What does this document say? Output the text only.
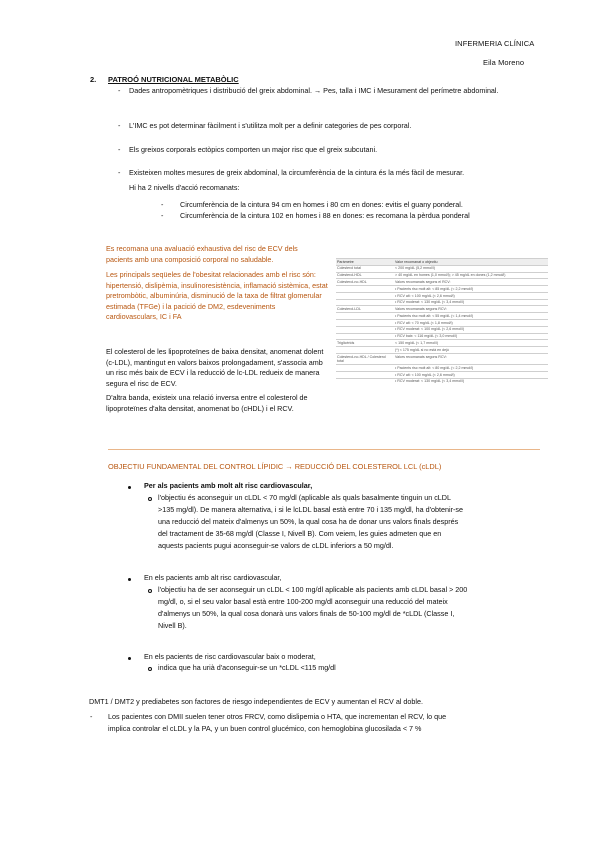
INFERMERIA CLÍNICA
Eila Moreno
2. PATROÓ NUTRICIONAL METABÒLIC
- Dades antropomètriques i distribució del greix abdominal. → Pes, talla i IMC i Mesurament del perímetre abdominal.
- L'IMC es pot determinar fàcilment i s'utilitza molt per a definir categories de pes corporal.
- Els greixos corporals ectòpics comporten un major risc que el greix subcutani.
- Existeixen moltes mesures de greix abdominal, la circumferència de la cintura és la més fàcil de mesurar.
Hi ha 2 nivells d'acció recomanats:
- Circumferència de la cintura 94 cm en homes i 80 cm en dones: evitis el guany ponderal.
- Circumferència de la cintura 102 en homes i 88 en dones: es recomana la pèrdua ponderal
Es recomana una avaluació exhaustiva del risc de ECV dels pacients amb una composició corporal no saludable.
Les principals seqüeles de l'obesitat relacionades amb el risc són: hipertensió, dislipèmia, insulinoresistència, inflamació sistèmica, estat pretrombòtic, albuminúria, disminució de la taxa de filtrat glomerular estimada (TFGe) i la pacició de DM2, esdeveniments cardiovasculars, IC i FA
El colesterol de les lipoproteïnes de baixa densitat, anomenat dolent (c-LDL), mantingut en valors baixos prolongadament, s'associa amb un risc més baix de ECV i la reducció de lc-LDL redueix de manera segura el risc de ECV.
D'altra banda, existeix una relació inversa entre el colesterol de lipoproteïnes d'alta densitat, anomenat bo (cHDL) i el RCV.
Paràmetre	Valor recomanat o objectiu
Colesterol total	< 200 mg/dL (5,2 mmol/l)
Colesterol-HDL	> 40 mg/dL en homes (1,0 mmol/l); > 45 mg/dL en dones (1,2 mmol/l)
Colesterol-no-HDL	Valors recomanats segons el RCV:
	• Pacients risc molt alt: < 85 mg/dL (< 2,2 mmol/l)
	• RCV alt: < 100 mg/dL (< 2,6 mmol/l)
	• RCV moderat: < 130 mg/dL (< 3,4 mmol/l)
Colesterol-LDL	Valors recomanats segons RCV:
	• Pacients risc molt alt: < 55 mg/dL (< 1,4 mmol/l)
	• RCV alt: < 70 mg/dL (< 1,8 mmol/l)
	• RCV moderat: < 100 mg/dL (< 2,6 mmol/l)
	• RCV baix: < 116 mg/dL (< 3,0 mmol/l)
Triglicèrids	< 150 mg/dL (< 1,7 mmol/l)
	(*) < 175 mg/dL si no està en dejú
Colesterol-no-HDL / Colesterol total	Valors recomanats segons RCV:
	• Pacients risc molt alt: < 80 mg/dL (< 2,2 mmol/l)
	• RCV alt: < 100 mg/dL (< 2,6 mmol/l)
	• RCV moderat: < 130 mg/dL (< 3,4 mmol/l)
OBJECTIU FUNDAMENTAL DEL CONTROL LÍPIDIC → REDUCCIÓ DEL COLESTEROL LCL (cLDL)
Per als pacients amb molt alt risc cardiovascular,
l'objectiu és aconseguir un cLDL < 70 mg/dl (aplicable als quals basalmente tinguin un cLDL
>135 mg/dl). De manera alternativa, i si le lcLDL basal està entre 70 i 135 mg/dl, ha d'obtenir-se
una reducció del mateix d'almenys un 50%, la qual cosa ha de donar uns valors finals després
del tractament de 35-68 mg/dl (Classe I, Nivell B). Com veiem, les guies admeten que en
aquests pacients pugui aconseguir-se valors de cLDL inferiors a 50 mg/dl.
En els pacients amb alt risc cardiovascular,
l'objectiu ha de ser aconseguir un cLDL < 100 mg/dl aplicable als pacients amb cLDL basal > 200
mg/dl, o, si el seu valor basal està entre 100-200 mg/dl aconseguir una reducció del mateix
d'almenys un 50%, la qual cosa donarà uns valors finals de 50-100 mg/dl de *cLDL (Classe I,
Nivell B).
En els pacients de risc cardiovascular baix o moderat,
indica que ha urià d'aconseguir-se un *cLDL <115 mg/dl
DMT1 / DMT2 y prediabetes son factores de riesgo independientes de ECV y aumentan el RCV al doble.
- Los pacientes con DMII suelen tener otros FRCV, como dislipemia o HTA, que incrementan el RCV, lo que
implica controlar el cLDL y la PA, y un buen control glucémico, con hemoglobina glucosilada < 7 %
